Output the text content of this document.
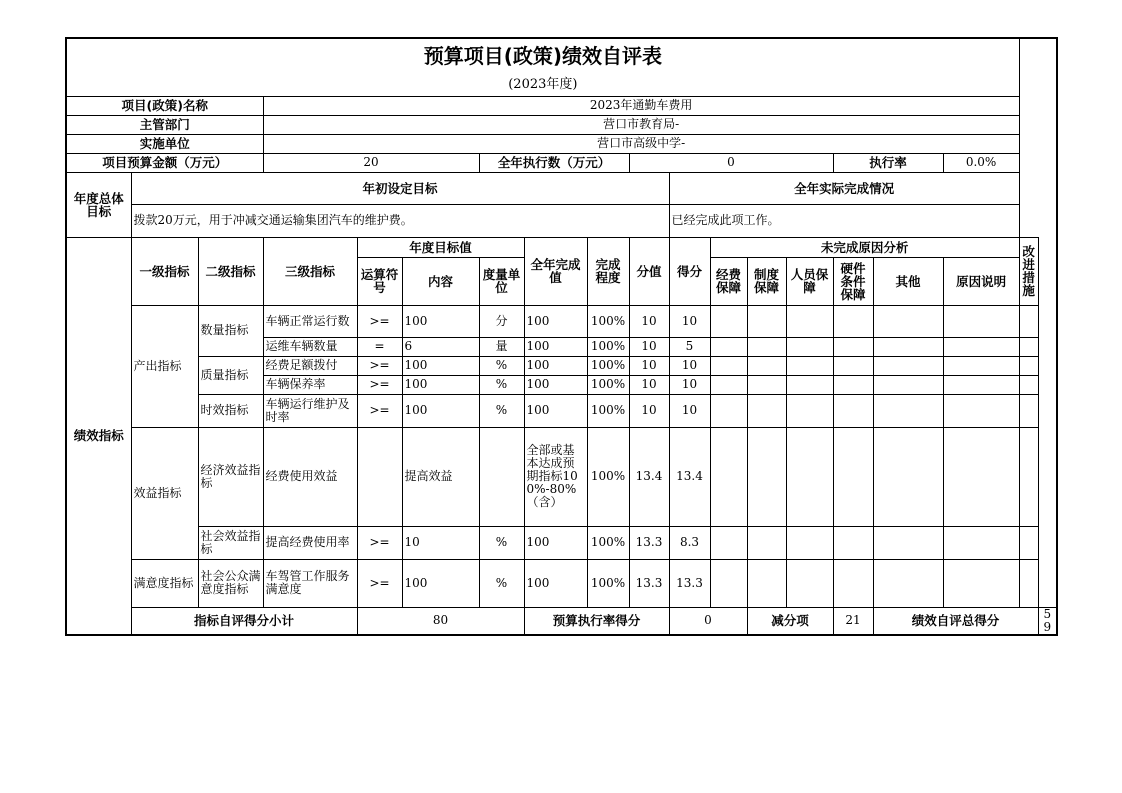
预算项目(政策)绩效自评表																		
(2023年度)																		
项目(政策)名称			2023年通勤车费用															
主管部门			营口市教育局-															
实施单位			营口市高级中学-															
项目预算金额（万元）			20			全年执行数（万元）			0					执行率		0.0%		
年度总体目标	年初设定目标									全年实际完成情况								
	拨款20万元，用于冲减交通运输集团汽车的维护费。									已经完成此项工作。								
绩效指标	一级指标	二级指标	三级指标	年度目标值			全年完成值	完成程度	分值	得分	未完成原因分析						改进措施	
				运算符号	内容	度量单位					经费保障	制度保障	人员保障	硬件条件保障	其他	原因说明		
	产出指标	数量指标	车辆正常运行数	>=	100	分	100	100%	10	10								
			运维车辆数量	=	6	量	100	100%	10	5								
		质量指标	经费足额拨付	>=	100	%	100	100%	10	10								
			车辆保养率	>=	100	%	100	100%	10	10								
		时效指标	车辆运行维护及时率	>=	100	%	100	100%	10	10								
	效益指标	经济效益指标	经费使用效益		提高效益		全部或基本达成预期指标100%-80%（含）	100%	13.4	13.4								
		社会效益指标	提高经费使用率	>=	10	%	100	100%	13.3	8.3								
	满意度指标	社会公众满意度指标	车驾管工作服务满意度	>=	100	%	100	100%	13.3	13.3								
	指标自评得分小计			80			预算执行率得分			0		减分项		21	绩效自评总得分			59
